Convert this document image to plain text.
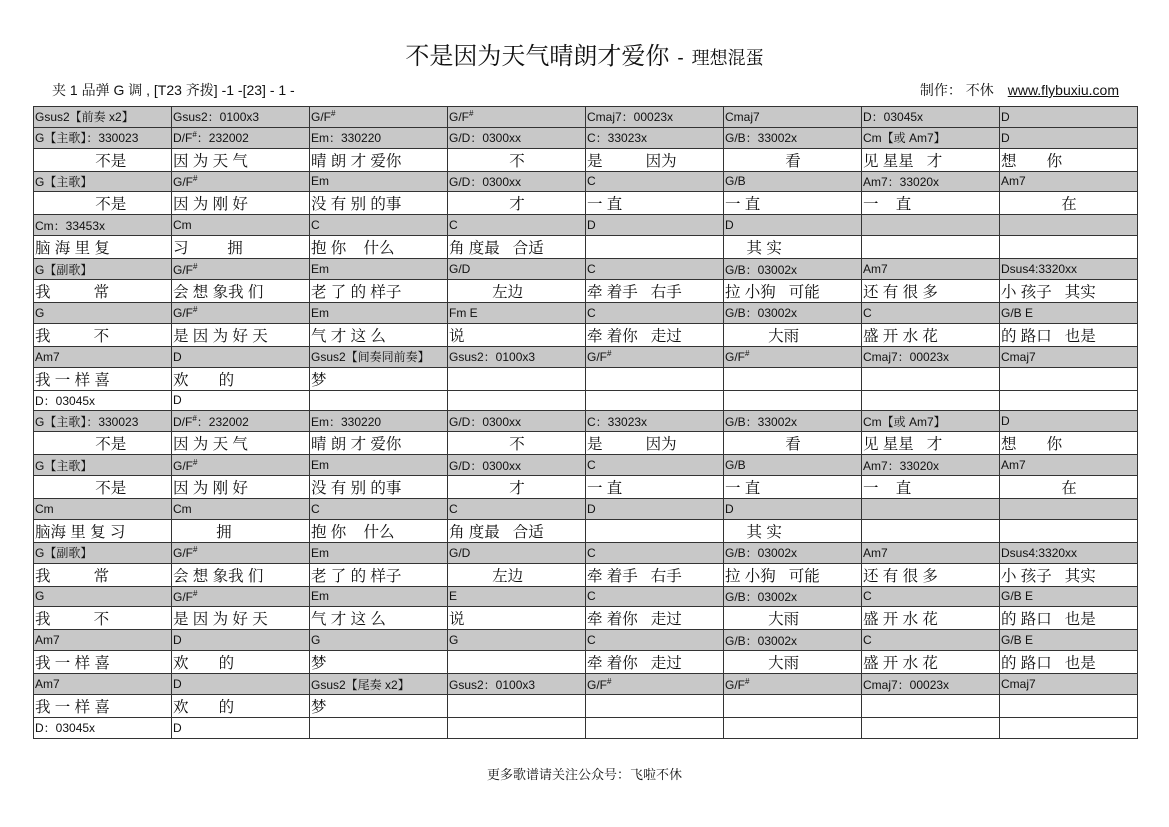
不是因为天气晴朗才爱你 - 理想混蛋
夹 1 品弹 G 调 , [T23 齐拨] -1 -[23] - 1 -	制作： 不休 www.flybuxiu.com
Gsus2【前奏 x2】	Gsus2：0100x3	G/F#	G/F#	Cmaj7：00023x	Cmaj7	D：03045x	D
G【主歌】：330023	D/F#：232002	Em：330220	G/D：0300xx	C：33023x	G/B：33002x	Cm【或 Am7】	D
不是	因 为 天 气	晴 朗 才 爱你	不	是          因为	看	见 星星   才	想       你
G【主歌】	G/F#	Em	G/D：0300xx	C	G/B	Am7：33020x	Am7
不是	因 为 刚 好	没 有 别 的事	才	一 直	一 直	一    直	在
Cm：33453x	Cm	C	C	D	D		
脑 海 里 复	习         拥	抱 你    什么	角 度最   合适		其 实		
G【副歌】	G/F#	Em	G/D	C	G/B：03002x	Am7	Dsus4:3320xx
我          常	会 想 象我 们	老 了 的 样子	左边	牵 着手   右手	拉 小狗   可能	还 有 很 多	小 孩子   其实
G	G/F#	Em	Fm E	C	G/B：03002x	C	G/B E
我          不	是 因 为 好 天	气 才 这 么	说	牵 着你   走过	大雨	盛 开 水 花	的 路口   也是
Am7	D	Gsus2【间奏同前奏】	Gsus2：0100x3	G/F#	G/F#	Cmaj7：00023x	Cmaj7
我 一 样 喜	欢       的	梦					
D：03045x	D						
G【主歌】：330023	D/F#：232002	Em：330220	G/D：0300xx	C：33023x	G/B：33002x	Cm【或 Am7】	D
不是	因 为 天 气	晴 朗 才 爱你	不	是          因为	看	见 星星   才	想       你
G【主歌】	G/F#	Em	G/D：0300xx	C	G/B	Am7：33020x	Am7
不是	因 为 刚 好	没 有 别 的事	才	一 直	一 直	一    直	在
Cm	Cm	C	C	D	D		
脑海 里 复 习	拥	抱 你    什么	角 度最   合适		其 实		
G【副歌】	G/F#	Em	G/D	C	G/B：03002x	Am7	Dsus4:3320xx
我          常	会 想 象我 们	老 了 的 样子	左边	牵 着手   右手	拉 小狗   可能	还 有 很 多	小 孩子   其实
G	G/F#	Em	E	C	G/B：03002x	C	G/B E
我          不	是 因 为 好 天	气 才 这 么	说	牵 着你   走过	大雨	盛 开 水 花	的 路口   也是
Am7	D	G	G	C	G/B：03002x	C	G/B E
我 一 样 喜	欢       的	梦		牵 着你   走过	大雨	盛 开 水 花	的 路口   也是
Am7	D	Gsus2【尾奏 x2】	Gsus2：0100x3	G/F#	G/F#	Cmaj7：00023x	Cmaj7
我 一 样 喜	欢       的	梦					
D：03045x	D						
更多歌谱请关注公众号：飞啦不休
